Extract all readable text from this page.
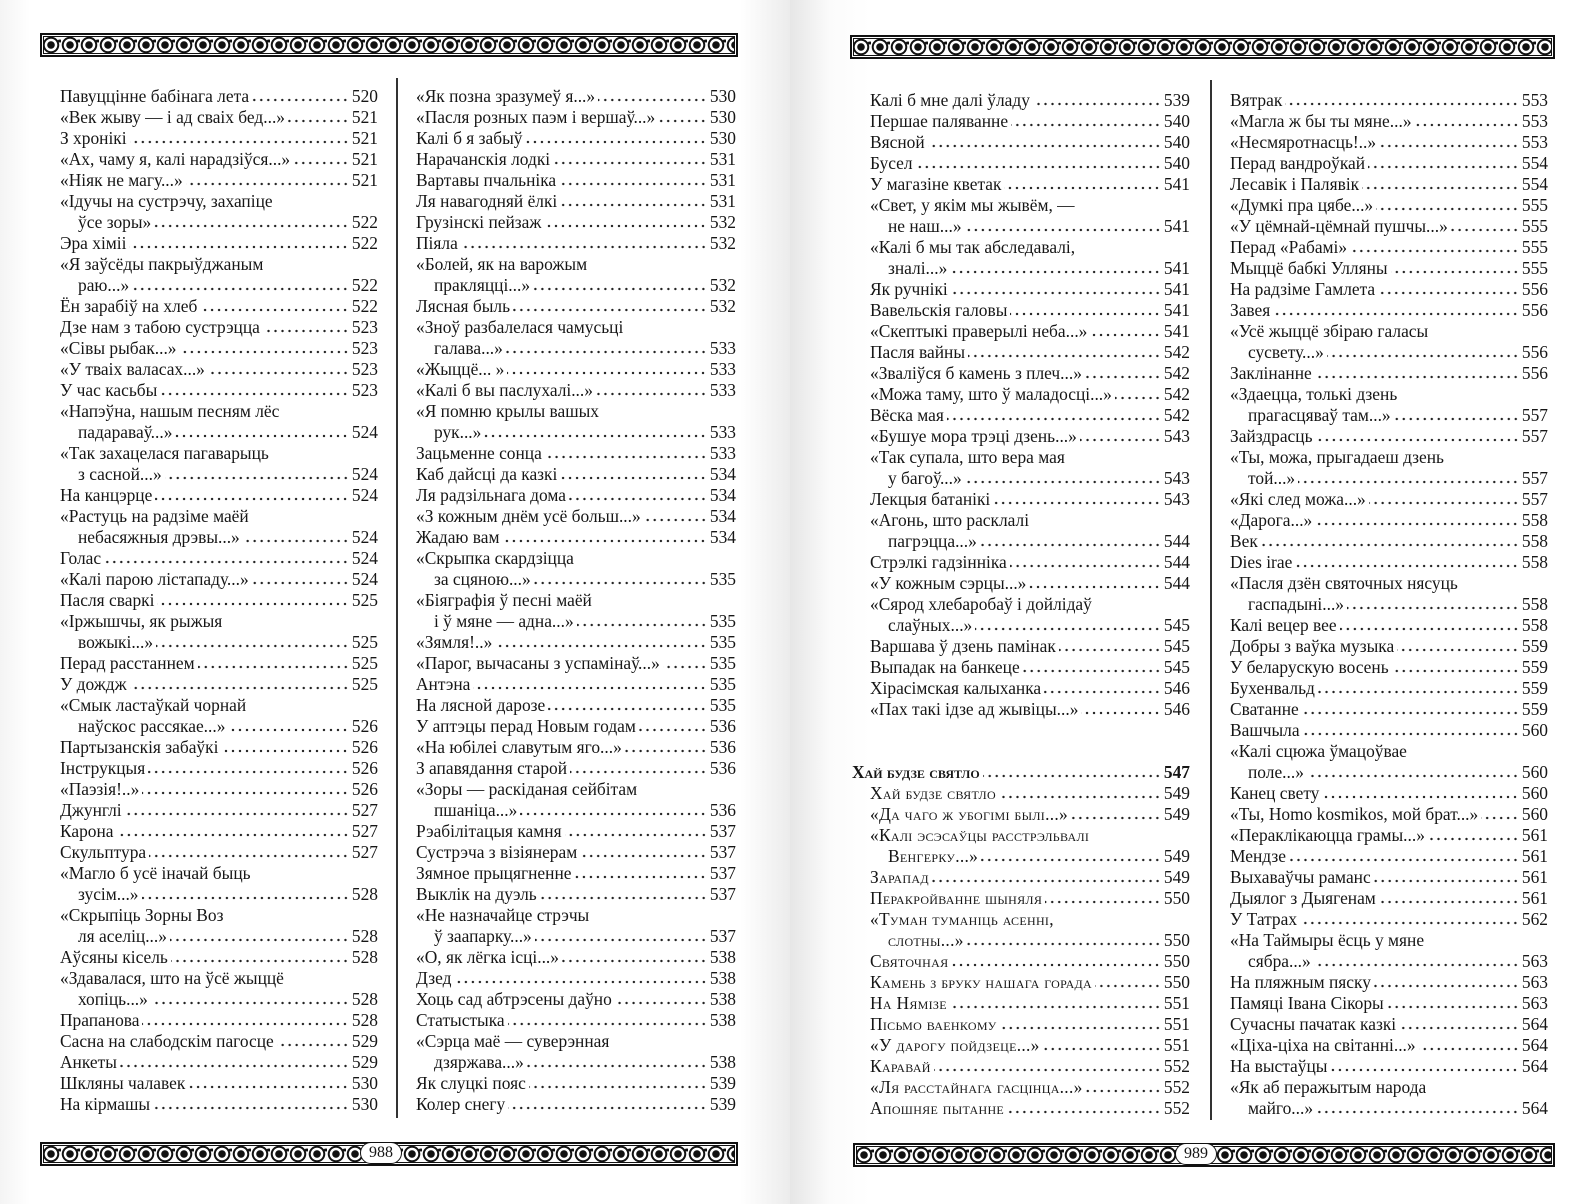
Павуццінне бабінага лета	520
«Век жыву — і ад сваіх бед...»	521
З хронікі	521
«Ах, чаму я, калі нарадзіўся...»	521
«Ніяк не магу...»	521
«Ідучы на сустрэчу, захапіце
ўсе зоры»	522
Эра хіміі	522
«Я заўсёды пакрыўджаным
раю...»	522
Ён зарабіў на хлеб	522
Дзе нам з табою сустрэцца	523
«Сівы рыбак...»	523
«У тваіх валасах...»	523
У час касьбы	523
«Напэўна, нашым песням лёс
падараваў...»	524
«Так захацелася пагаварыць
з сасной...»	524
На канцэрце	524
«Растуць на радзіме маёй
небасяжныя дрэвы...»	524
Голас	524
«Калі парою лістападу...»	524
Пасля сваркі	525
«Іржышчы, як рыжыя
вожыкі...»	525
Перад расстаннем	525
У дождж	525
«Смык ластаўкай чорнай
наўскос рассякае...»	526
Партызанскія забаўкі	526
Інструкцыя	526
«Паэзія!..»	526
Джунглі	527
Карона	527
Скульптура	527
«Магло б усё іначай быць
зусім...»	528
«Скрыпіць Зорны Воз
ля аселіц...»	528
Аўсяны кісель	528
«Здавалася, што на ўсё жыццё
хопіць...»	528
Прапанова	528
Сасна на слабодскім пагосце	529
Анкеты	529
Шкляны чалавек	530
На кірмашы	530
«Як позна зразумеў я...»	530
«Пасля розных паэм і вершаў...»	530
Калі б я забыў	530
Нарачанскія лодкі	531
Вартавы пчальніка	531
Ля навагодняй ёлкі	531
Грузінскі пейзаж	532
Піяла	532
«Болей, як на варожым
пракляцці...»	532
Лясная быль	532
«Зноў разбалелася чамусьці
галава...»	533
«Жыццё... »	533
«Калі б вы паслухалі...»	533
«Я помню крылы вашых
рук...»	533
Зацьменне сонца	533
Каб дайсці да казкі	534
Ля радзільнага дома	534
«З кожным днём усё больш...»	534
Жадаю вам	534
«Скрыпка скардзіцца
за сцяною...»	535
«Біяграфія ў песні маёй
і ў мяне — адна...»	535
«Зямля!..»	535
«Парог, вычасаны з успамінаў...»	535
Антэна	535
На лясной дарозе	535
У аптэцы перад Новым годам	536
«На юбілеі славутым яго...»	536
З апавядання старой	536
«Зоры — раскіданая сейбітам
пшаніца...»	536
Рэабілітацыя камня	537
Сустрэча з візіянерам	537
Зямное прыцягненне	537
Выклік на дуэль	537
«Не назначайце стрэчы
ў заапарку...»	537
«О, як лёгка ісці...»	538
Дзед	538
Хоць сад абтрэсены даўно	538
Статыстыка	538
«Сэрца маё — суверэнная
дзяржава...»	538
Як слуцкі пояс	539
Колер снегу	539
988
Калі б мне далі ўладу	539
Першае паляванне	540
Вясной	540
Бусел	540
У магазіне кветак	541
«Свет, у якім мы жывём, —
не наш...»	541
«Калі б мы так абследавалі,
зналі...»	541
Як ручнікі	541
Вавельскія галовы	541
«Скептыкі праверылі неба...»	541
Пасля вайны	542
«Зваліўся б камень з плеч...»	542
«Можа таму, што ў маладосці...»	542
Вёска мая	542
«Бушуе мора трэці дзень...»	543
«Так супала, што вера мая
у багоў...»	543
Лекцыя батанікі	543
«Агонь, што расклалі
пагрэцца...»	544
Стрэлкі гадзінніка	544
«У кожным сэрцы...»	544
«Сярод хлебаробаў і дойлідаў
слаўных...»	545
Варшава ў дзень памінак	545
Выпадак на банкеце	545
Хірасімская калыханка	546
«Пах такі ідзе ад жывіцы...»	546
Хай будзе святло	547
Хай будзе святло	549
«Да чаго ж убогімі былі...»	549
«Калі эсэсаўцы расстрэльвалі
Венгерку...»	549
Зарапад	549
Перакройванне шыняля	550
«Туман туманіць асенні,
слотны...»	550
Святочная	550
Камень з бруку нашага горада	550
На Нямізе	551
Пісьмо ваенкому	551
«У дарогу пойдзеце...»	551
Каравай	552
«Ля расстайнага гасцінца...»	552
Апошняе пытанне	552
Вятрак	553
«Магла ж бы ты мяне...»	553
«Несмяротнасць!..»	553
Перад вандроўкай	554
Лесавік і Палявік	554
«Думкі пра цябе...»	555
«У цёмнай-цёмнай пушчы...»	555
Перад «Рабамі»	555
Мыццё бабкі Улляны	555
На радзіме Гамлета	556
Завея	556
«Усё жыццё збіраю галасы
сусвету...»	556
Заклінанне	556
«Здаецца, толькі дзень
прагасцяваў там...»	557
Зайздрасць	557
«Ты, можа, прыгадаеш дзень
той...»	557
«Які след можа...»	557
«Дарога...»	558
Век	558
Dies irae	558
«Пасля дзён святочных нясуць
гаспадыні...»	558
Калі вецер вее	558
Добры з ваўка музыка	559
У беларускую восень	559
Бухенвальд	559
Сватанне	559
Вашчыла	560
«Калі сцюжа ўмацоўвае
поле...»	560
Канец свету	560
«Ты, Homo kosmikos, мой брат...»	560
«Пераклікаюцца грамы...»	561
Мендзе	561
Выхаваўчы раманс	561
Дыялог з Дыягенам	561
У Татрах	562
«На Таймыры ёсць у мяне
сябра...»	563
На пляжным пяску	563
Памяці Івана Сікоры	563
Сучасны пачатак казкі	564
«Ціха-ціха на світанні...»	564
На выстаўцы	564
«Як аб перажытым народа
майго...»	564
989
